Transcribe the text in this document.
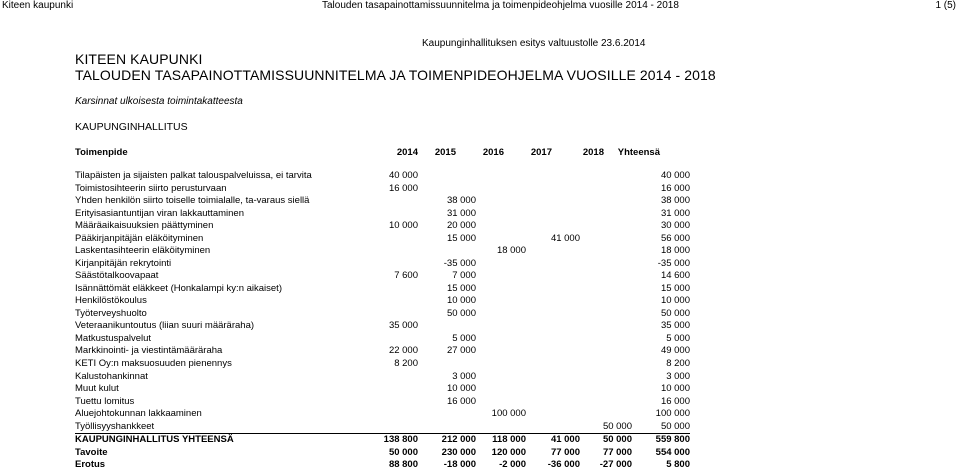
Kiteen kaupunki	Talouden tasapainottamissuunnitelma ja toimenpideohjelma vuosille 2014 - 2018	1 (5)
Kaupunginhallituksen esitys valtuustolle 23.6.2014
KITEEN KAUPUNKI
TALOUDEN TASAPAINOTTAMISSUUNNITELMA JA TOIMENPIDEOHJELMA VUOSILLE 2014 - 2018
Karsinnat ulkoisesta toimintakatteesta
KAUPUNGINHALLITUS
Toimenpide	2014	2015	2016	2017	2018	Yhteensä
Tilapäisten ja sijaisten palkat talouspalveluissa, ei tarvita	40 000					40 000
Toimistosihteerin siirto perusturvaan	16 000					16 000
Yhden henkilön siirto toiselle toimialalle, ta-varaus siellä		38 000				38 000
Erityisasiantuntijan viran lakkauttaminen		31 000				31 000
Määräaikaisuuksien päättyminen	10 000	20 000				30 000
Pääkirjanpitäjän eläköityminen		15 000		41 000		56 000
Laskentasihteerin eläköityminen			18 000			18 000
Kirjanpitäjän rekrytointi		-35 000				-35 000
Säästötalkoovapaat	7 600	7 000				14 600
Isännättömät eläkkeet (Honkalampi ky:n aikaiset)		15 000				15 000
Henkilöstökoulus		10 000				10 000
Työterveyshuolto		50 000				50 000
Veteraanikuntoutus (liian suuri määräraha)	35 000					35 000
Matkustuspalvelut		5 000				5 000
Markkinointi- ja viestintämääräraha	22 000	27 000				49 000
KETI Oy:n maksuosuuden pienennys	8 200					8 200
Kalustohankinnat		3 000				3 000
Muut kulut		10 000				10 000
Tuettu lomitus		16 000				16 000
Aluejohtokunnan lakkaaminen			100 000			100 000
Työllisyyshankkeet					50 000	50 000
KAUPUNGINHALLITUS YHTEENSÄ	138 800	212 000	118 000	41 000	50 000	559 800
Tavoite	50 000	230 000	120 000	77 000	77 000	554 000
Erotus	88 800	-18 000	-2 000	-36 000	-27 000	5 800
